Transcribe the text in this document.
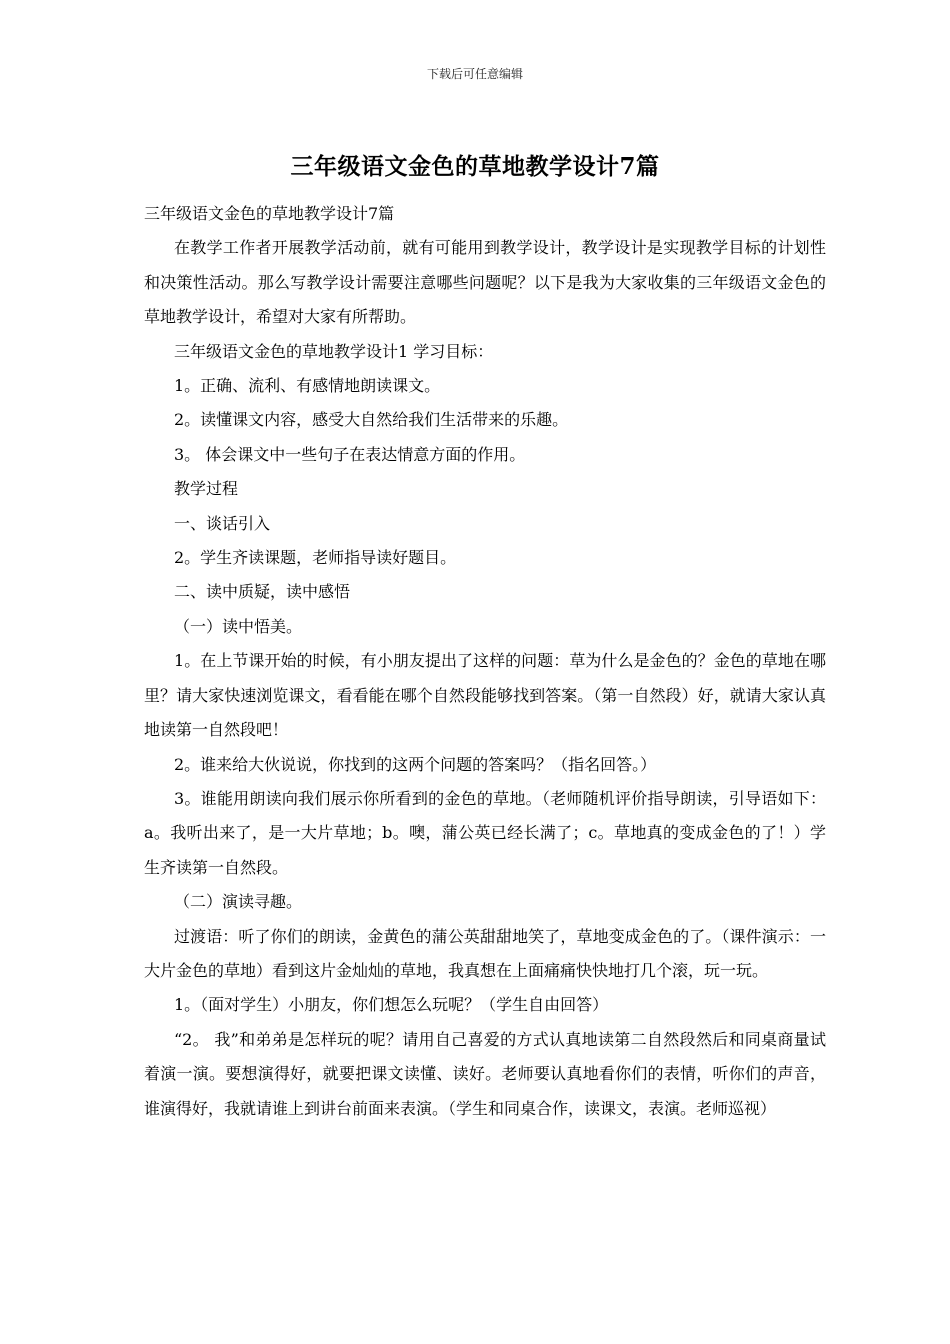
下载后可任意编辑
三年级语文金色的草地教学设计7篇

三年级语文金色的草地教学设计7篇

在教学工作者开展教学活动前，就有可能用到教学设计，教学设计是实现教学目标的计划性和决策性活动。那么写教学设计需要注意哪些问题呢？以下是我为大家收集的三年级语文金色的草地教学设计，希望对大家有所帮助。

三年级语文金色的草地教学设计1 学习目标：

1。正确、流利、有感情地朗读课文。

2。读懂课文内容，感受大自然给我们生活带来的乐趣。

3。 体会课文中一些句子在表达情意方面的作用。

教学过程

一、谈话引入

2。学生齐读课题，老师指导读好题目。

二、读中质疑，读中感悟

（一）读中悟美。

1。在上节课开始的时候，有小朋友提出了这样的问题：草为什么是金色的？金色的草地在哪里？请大家快速浏览课文，看看能在哪个自然段能够找到答案。（第一自然段）好，就请大家认真地读第一自然段吧！

2。谁来给大伙说说，你找到的这两个问题的答案吗？（指名回答。）

3。谁能用朗读向我们展示你所看到的金色的草地。（老师随机评价指导朗读，引导语如下：a。我听出来了，是一大片草地；b。噢，蒲公英已经长满了；c。草地真的变成金色的了！）学生齐读第一自然段。

（二）演读寻趣。

过渡语：听了你们的朗读，金黄色的蒲公英甜甜地笑了，草地变成金色的了。（课件演示：一大片金色的草地）看到这片金灿灿的草地，我真想在上面痛痛快快地打几个滚，玩一玩。

1。（面对学生）小朋友，你们想怎么玩呢？（学生自由回答）

“2。 我”和弟弟是怎样玩的呢？请用自己喜爱的方式认真地读第二自然段然后和同桌商量试着演一演。要想演得好，就要把课文读懂、读好。老师要认真地看你们的表情，听你们的声音，谁演得好，我就请谁上到讲台前面来表演。（学生和同桌合作，读课文，表演。老师巡视）
